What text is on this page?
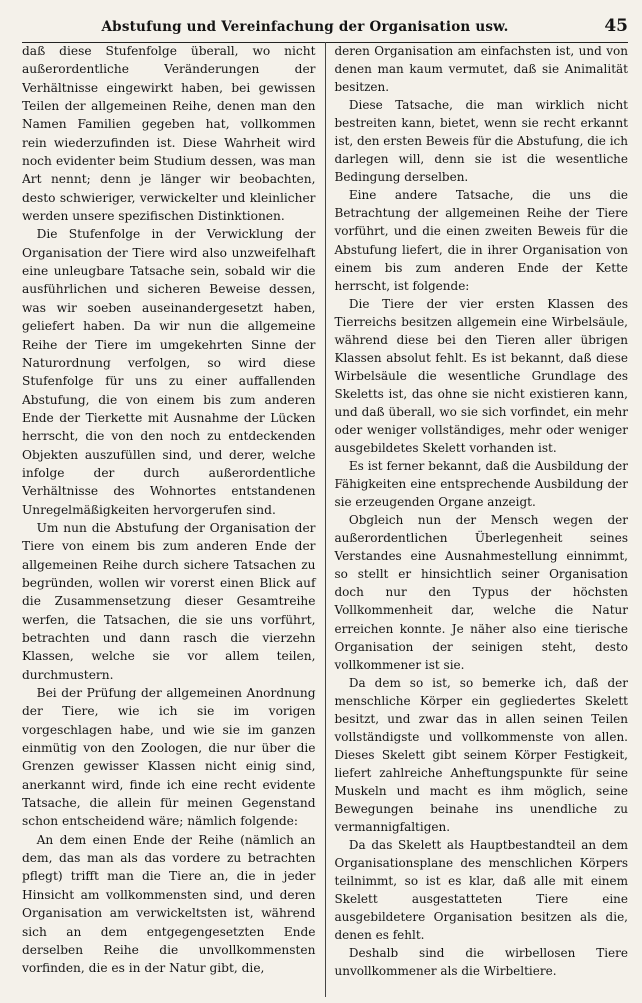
Abstufung und Vereinfachung der Organisation usw.	45

daß diese Stufenfolge überall, wo nicht außerordentliche Veränderungen der Verhältnisse eingewirkt haben, bei gewissen Teilen der allgemeinen Reihe, denen man den Namen Familien gegeben hat, vollkommen rein wiederzufinden ist. Diese Wahrheit wird noch evidenter beim Studium dessen, was man Art nennt; denn je länger wir beobachten, desto schwieriger, verwickelter und kleinlicher werden unsere spezifischen Distinktionen.

Die Stufenfolge in der Verwicklung der Organisation der Tiere wird also unzweifelhaft eine unleugbare Tatsache sein, sobald wir die ausführlichen und sicheren Beweise dessen, was wir soeben auseinandergesetzt haben, geliefert haben. Da wir nun die allgemeine Reihe der Tiere im umgekehrten Sinne der Naturordnung verfolgen, so wird diese Stufenfolge für uns zu einer auffallenden Abstufung, die von einem bis zum anderen Ende der Tierkette mit Ausnahme der Lücken herrscht, die von den noch zu entdeckenden Objekten auszufüllen sind, und derer, welche infolge der durch außerordentliche Verhältnisse des Wohnortes entstandenen Unregelmäßigkeiten hervorgerufen sind.

Um nun die Abstufung der Organisation der Tiere von einem bis zum anderen Ende der allgemeinen Reihe durch sichere Tatsachen zu begründen, wollen wir vorerst einen Blick auf die Zusammensetzung dieser Gesamtreihe werfen, die Tatsachen, die sie uns vorführt, betrachten und dann rasch die vierzehn Klassen, welche sie vor allem teilen, durchmustern.

Bei der Prüfung der allgemeinen Anordnung der Tiere, wie ich sie im vorigen vorgeschlagen habe, und wie sie im ganzen einmütig von den Zoologen, die nur über die Grenzen gewisser Klassen nicht einig sind, anerkannt wird, finde ich eine recht evidente Tatsache, die allein für meinen Gegenstand schon entscheidend wäre; nämlich folgende:

An dem einen Ende der Reihe (nämlich an dem, das man als das vordere zu betrachten pflegt) trifft man die Tiere an, die in jeder Hinsicht am vollkommensten sind, und deren Organisation am verwickeltsten ist, während sich an dem entgegengesetzten Ende derselben Reihe die unvollkommensten vorfinden, die es in der Natur gibt, die,

deren Organisation am einfachsten ist, und von denen man kaum vermutet, daß sie Animalität besitzen.

Diese Tatsache, die man wirklich nicht bestreiten kann, bietet, wenn sie recht erkannt ist, den ersten Beweis für die Abstufung, die ich darlegen will, denn sie ist die wesentliche Bedingung derselben.

Eine andere Tatsache, die uns die Betrachtung der allgemeinen Reihe der Tiere vorführt, und die einen zweiten Beweis für die Abstufung liefert, die in ihrer Organisation von einem bis zum anderen Ende der Kette herrscht, ist folgende:

Die Tiere der vier ersten Klassen des Tierreichs besitzen allgemein eine Wirbelsäule, während diese bei den Tieren aller übrigen Klassen absolut fehlt. Es ist bekannt, daß diese Wirbelsäule die wesentliche Grundlage des Skeletts ist, das ohne sie nicht existieren kann, und daß überall, wo sie sich vorfindet, ein mehr oder weniger vollständiges, mehr oder weniger ausgebildetes Skelett vorhanden ist.

Es ist ferner bekannt, daß die Ausbildung der Fähigkeiten eine entsprechende Ausbildung der sie erzeugenden Organe anzeigt.

Obgleich nun der Mensch wegen der außerordentlichen Überlegenheit seines Verstandes eine Ausnahmestellung einnimmt, so stellt er hinsichtlich seiner Organisation doch nur den Typus der höchsten Vollkommenheit dar, welche die Natur erreichen konnte. Je näher also eine tierische Organisation der seinigen steht, desto vollkommener ist sie.

Da dem so ist, so bemerke ich, daß der menschliche Körper ein gegliedertes Skelett besitzt, und zwar das in allen seinen Teilen vollständigste und vollkommenste von allen. Dieses Skelett gibt seinem Körper Festigkeit, liefert zahlreiche Anheftungspunkte für seine Muskeln und macht es ihm möglich, seine Bewegungen beinahe ins unendliche zu vermannigfaltigen.

Da das Skelett als Hauptbestandteil an dem Organisationsplane des menschlichen Körpers teilnimmt, so ist es klar, daß alle mit einem Skelett ausgestatteten Tiere eine ausgebildetere Organisation besitzen als die, denen es fehlt.

Deshalb sind die wirbellosen Tiere unvollkommener als die Wirbeltiere.
